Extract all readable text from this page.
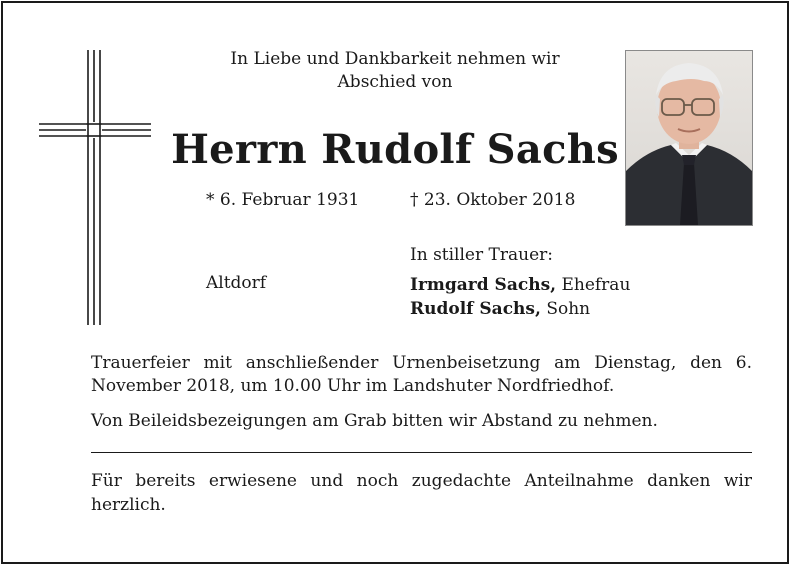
In Liebe und Dankbarkeit nehmen wir
Abschied von
Herrn Rudolf Sachs
* 6. Februar 1931	† 23. Oktober 2018
In stiller Trauer:
Altdorf	Irmgard Sachs, Ehefrau
Rudolf Sachs, Sohn
Trauerfeier mit anschließender Urnenbeisetzung am Dienstag, den 6. November 2018, um 10.00 Uhr im Landshuter Nordfriedhof.
Von Beileidsbezeigungen am Grab bitten wir Abstand zu nehmen.
Für bereits erwiesene und noch zugedachte Anteilnahme danken wir herzlich.
